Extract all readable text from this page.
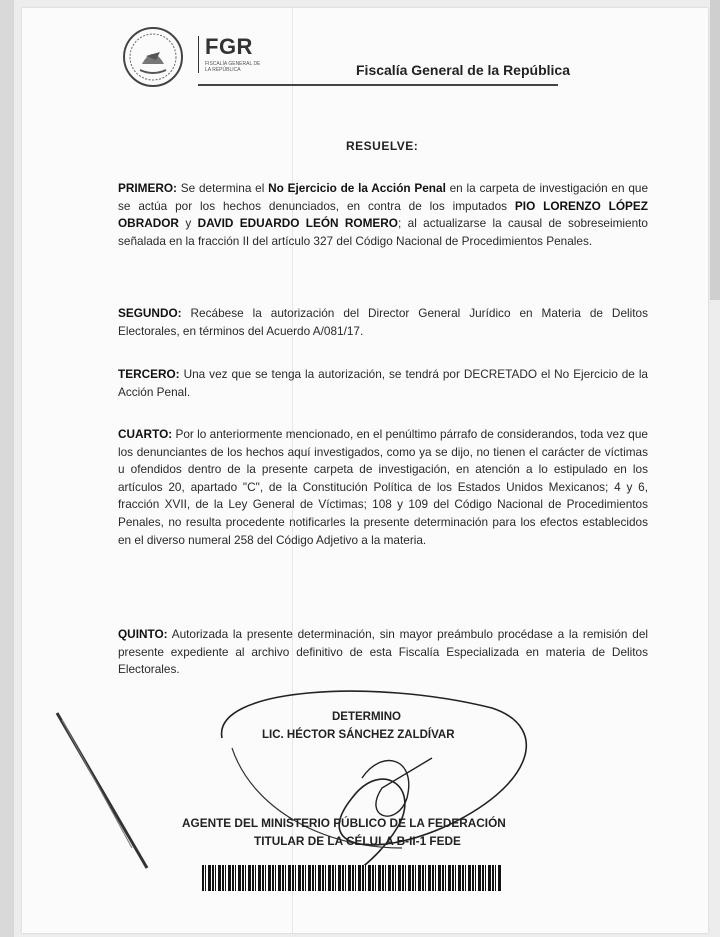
FGR
FISCALÍA GENERAL DE LA REPÚBLICA	Fiscalía General de la República
RESUELVE:
PRIMERO: Se determina el No Ejercicio de la Acción Penal en la carpeta de investigación en que se actúa por los hechos denunciados, en contra de los imputados PIO LORENZO LÓPEZ OBRADOR y DAVID EDUARDO LEÓN ROMERO; al actualizarse la causal de sobreseimiento señalada en la fracción II del artículo 327 del Código Nacional de Procedimientos Penales.
SEGUNDO: Recábese la autorización del Director General Jurídico en Materia de Delitos Electorales, en términos del Acuerdo A/081/17.
TERCERO: Una vez que se tenga la autorización, se tendrá por DECRETADO el No Ejercicio de la Acción Penal.
CUARTO: Por lo anteriormente mencionado, en el penúltimo párrafo de considerandos, toda vez que los denunciantes de los hechos aquí investigados, como ya se dijo, no tienen el carácter de víctimas u ofendidos dentro de la presente carpeta de investigación, en atención a lo estipulado en los artículos 20, apartado "C", de la Constitución Política de los Estados Unidos Mexicanos; 4 y 6, fracción XVII, de la Ley General de Víctimas; 108 y 109 del Código Nacional de Procedimientos Penales, no resulta procedente notificarles la presente determinación para los efectos establecidos en el diverso numeral 258 del Código Adjetivo a la materia.
QUINTO: Autorizada la presente determinación, sin mayor preámbulo procédase a la remisión del presente expediente al archivo definitivo de esta Fiscalía Especializada en materia de Delitos Electorales.
DETERMINO
LIC. HÉCTOR SÁNCHEZ ZALDÍVAR
AGENTE DEL MINISTERIO PÚBLICO DE LA FEDERACIÓN
TITULAR DE LA CÉLULA B-II-1 FEDE
